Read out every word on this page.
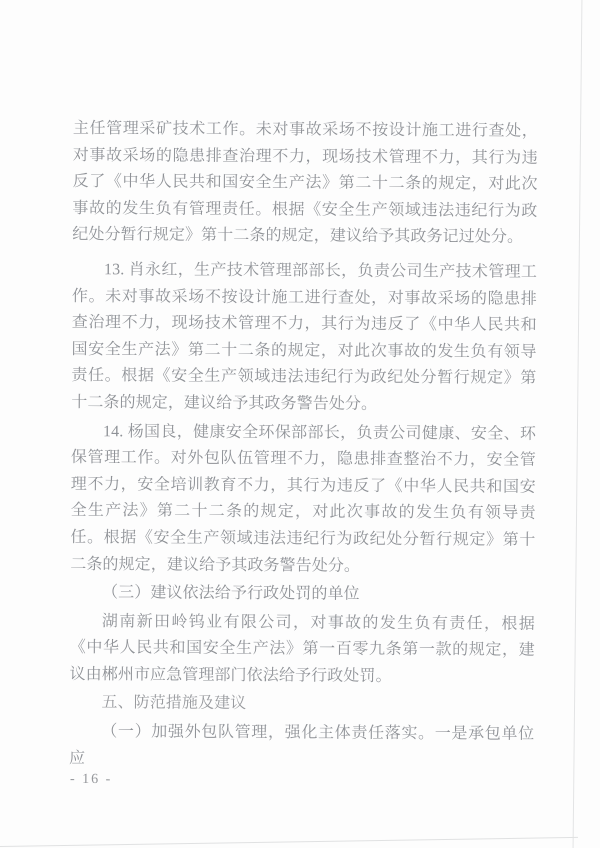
主任管理采矿技术工作。未对事故采场不按设计施工进行查处，对事故采场的隐患排查治理不力，现场技术管理不力，其行为违反了《中华人民共和国安全生产法》第二十二条的规定，对此次事故的发生负有管理责任。根据《安全生产领域违法违纪行为政纪处分暂行规定》第十二条的规定，建议给予其政务记过处分。

13. 肖永红，生产技术管理部部长，负责公司生产技术管理工作。未对事故采场不按设计施工进行查处，对事故采场的隐患排查治理不力，现场技术管理不力，其行为违反了《中华人民共和国安全生产法》第二十二条的规定，对此次事故的发生负有领导责任。根据《安全生产领域违法违纪行为政纪处分暂行规定》第十二条的规定，建议给予其政务警告处分。

14. 杨国良，健康安全环保部部长，负责公司健康、安全、环保管理工作。对外包队伍管理不力，隐患排查整治不力，安全管理不力，安全培训教育不力，其行为违反了《中华人民共和国安全生产法》第二十二条的规定，对此次事故的发生负有领导责任。根据《安全生产领域违法违纪行为政纪处分暂行规定》第十二条的规定，建议给予其政务警告处分。

（三）建议依法给予行政处罚的单位

湖南新田岭钨业有限公司，对事故的发生负有责任，根据《中华人民共和国安全生产法》第一百零九条第一款的规定，建议由郴州市应急管理部门依法给予行政处罚。

五、防范措施及建议

（一）加强外包队管理，强化主体责任落实。一是承包单位应

- 16 -
